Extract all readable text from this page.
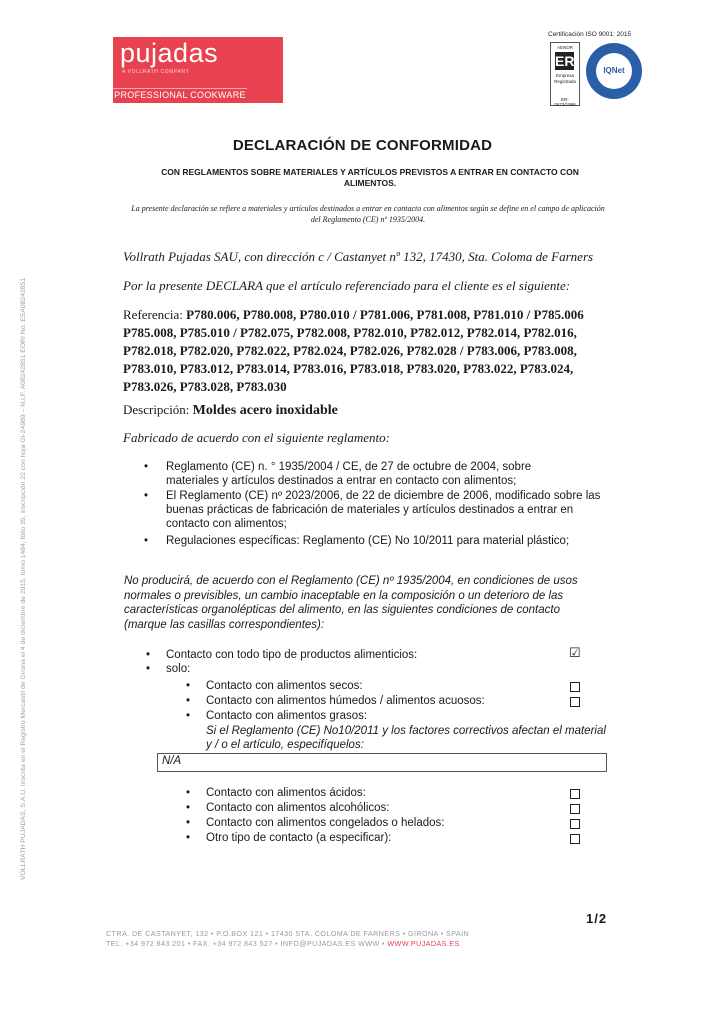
pujadas
A VOLLRATH COMPANY
PROFESSIONAL COOKWARE
Certificación ISO 9001: 2015
AENOR
ER
Empresa
Registrada
ER-0673/1998
IQNet
VOLLRATH PUJADAS, S.A.U. Inscrita en el Registro Mercantil de Girona el 4 de diciembre de 2015, tomo 1484, folio 35, inscripción 22 con hoja GI-24989 – N.I.F. A08242851 EORI No. ESA08242851
DECLARACIÓN DE CONFORMIDAD
CON REGLAMENTOS SOBRE MATERIALES Y ARTÍCULOS PREVISTOS A ENTRAR EN CONTACTO CON ALIMENTOS.
La presente declaración se refiere a materiales y artículos destinados a entrar en contacto con alimentos según se define en el campo de aplicación del Reglamento (CE) nº 1935/2004.
Vollrath Pujadas SAU, con dirección c / Castanyet nº 132, 17430, Sta. Coloma de Farners
Por la presente DECLARA que el artículo referenciado para el cliente es el siguiente:
Referencia: P780.006, P780.008, P780.010 / P781.006, P781.008, P781.010 / P785.006 P785.008, P785.010 / P782.075, P782.008, P782.010, P782.012, P782.014, P782.016, P782.018, P782.020, P782.022, P782.024, P782.026, P782.028 / P783.006, P783.008, P783.010, P783.012, P783.014, P783.016, P783.018, P783.020, P783.022, P783.024, P783.026, P783.028, P783.030
Descripción: Moldes acero inoxidable
Fabricado de acuerdo con el siguiente reglamento:
• Reglamento (CE) n. ° 1935/2004 / CE, de 27 de octubre de 2004, sobre materiales y artículos destinados a entrar en contacto con alimentos;
• El Reglamento (CE) nº 2023/2006, de 22 de diciembre de 2006, modificado sobre las buenas prácticas de fabricación de materiales y artículos destinados a entrar en contacto con alimentos;
• Regulaciones específicas: Reglamento (CE) No 10/2011 para material plástico;
No producirá, de acuerdo con el Reglamento (CE) nº 1935/2004, en condiciones de usos normales o previsibles, un cambio inaceptable en la composición o un deterioro de las características organolépticas del alimento, en las siguientes condiciones de contacto (marque las casillas correspondientes):
• Contacto con todo tipo de productos alimenticios:	☑
• solo:
• Contacto con alimentos secos:
• Contacto con alimentos húmedos / alimentos acuosos:
• Contacto con alimentos grasos:
Si el Reglamento (CE) No10/2011 y los factores correctivos afectan el material y / o el artículo, especifíquelos:
N/A
• Contacto con alimentos ácidos:
• Contacto con alimentos alcohólicos:
• Contacto con alimentos congelados o helados:
• Otro tipo de contacto (a especificar):
1/2
CTRA. DE CASTANYET, 132 • P.O.BOX 121 • 17430 STA. COLOMA DE FARNERS • GIRONA • SPAIN
TEL. +34 972 843 201 • FAX. +34 972 843 527 • INFO@PUJADAS.ES WWW • WWW.PUJADAS.ES
